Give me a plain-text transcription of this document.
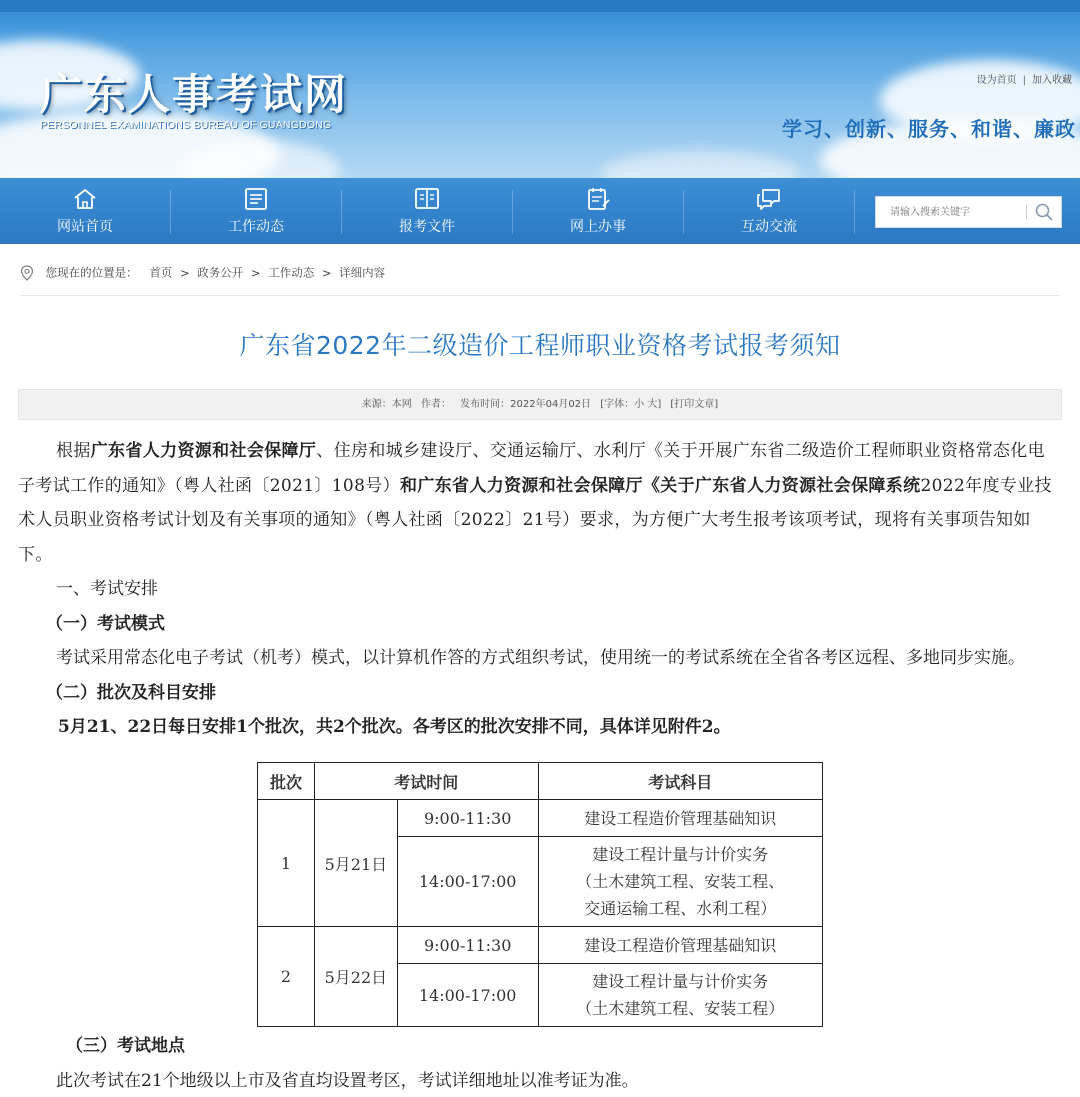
广东人事考试网
PERSONNEL EXAMINATIONS BUREAU OF GUANGDONG
设为首页 | 加入收藏
学习、创新、服务、和谐、廉政
网站首页	工作动态	报考文件	网上办事	互动交流
请输入搜索关键字
您现在的位置是： 首页 > 政务公开 > 工作动态 > 详细内容
广东省2022年二级造价工程师职业资格考试报考须知
来源：本网 作者： 发布时间：2022年04月02日 [字体：小 大] [打印文章]

根据广东省人力资源和社会保障厅、住房和城乡建设厅、交通运输厅、水利厅《关于开展广东省二级造价工程师职业资格常态化电子考试工作的通知》（粤人社函〔2021〕108号）和广东省人力资源和社会保障厅《关于广东省人力资源社会保障系统2022年度专业技术人员职业资格考试计划及有关事项的通知》（粤人社函〔2022〕21号）要求，为方便广大考生报考该项考试，现将有关事项告知如下。

一、考试安排

（一）考试模式

考试采用常态化电子考试（机考）模式，以计算机作答的方式组织考试，使用统一的考试系统在全省各考区远程、多地同步实施。

（二）批次及科目安排

5月21、22日每日安排1个批次，共2个批次。各考区的批次安排不同，具体详见附件2。

批次	考试时间		考试科目
1	5月21日	9:00-11:30	建设工程造价管理基础知识

		14:00-17:00	建设工程计量与计价实务
（土木建筑工程、安装工程、
交通运输工程、水利工程）

2	5月22日	9:00-11:30	建设工程造价管理基础知识

		14:00-17:00	建设工程计量与计价实务
（土木建筑工程、安装工程）

（三）考试地点

此次考试在21个地级以上市及省直均设置考区，考试详细地址以准考证为准。
